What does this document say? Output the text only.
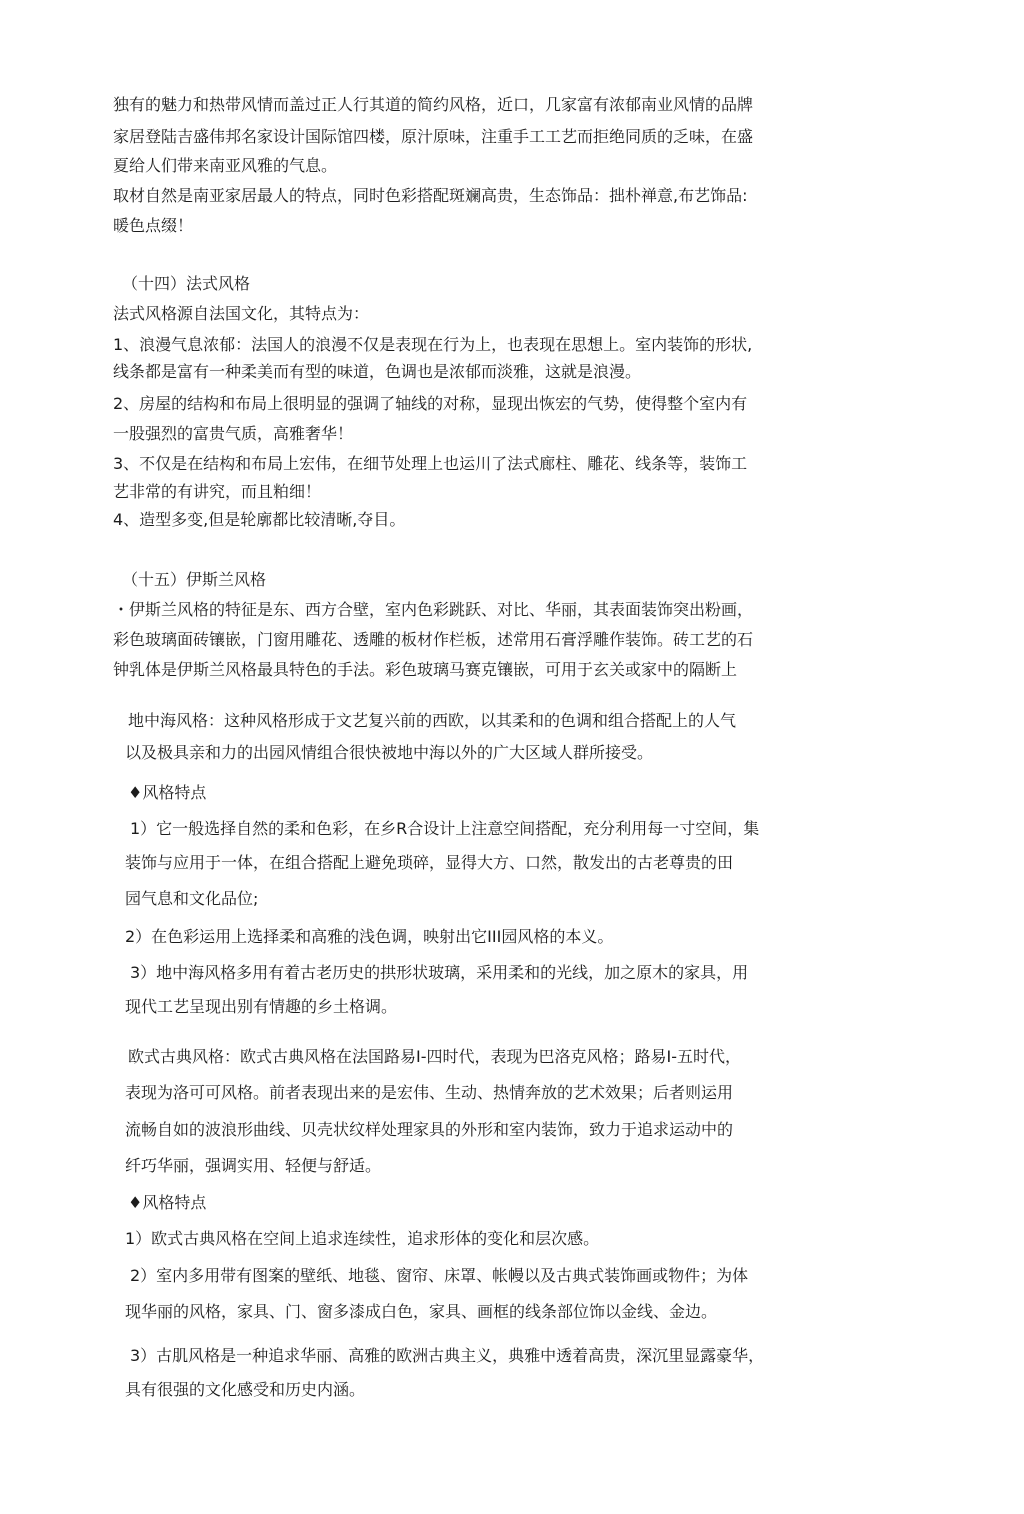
独有的魅力和热带风情而盖过正人行其道的简约风格，近口，几家富有浓郁南业风情的品牌
家居登陆吉盛伟邦名家设计国际馆四楼，原汁原味，注重手工工艺而拒绝同质的乏味，在盛
夏给人们带来南亚风雅的气息。
取材自然是南亚家居最人的特点，同时色彩搭配斑斓高贵，生态饰品：拙朴禅意,布艺饰品:
暖色点缀！
（十四）法式风格
法式风格源自法国文化，其特点为：
1、浪漫气息浓郁：法国人的浪漫不仅是表现在行为上，也表现在思想上。室内装饰的形状,
线条都是富有一种柔美而有型的味道，色调也是浓郁而淡雅，这就是浪漫。
2、房屋的结构和布局上很明显的强调了轴线的对称，显现出恢宏的气势，使得整个室内有
一股强烈的富贵气质，高雅奢华！
3、不仅是在结构和布局上宏伟，在细节处理上也运川了法式廊柱、雕花、线条等，装饰工
艺非常的有讲究，而且粕细！
4、造型多变,但是轮廓都比较清晰,夺目。
（十五）伊斯兰风格
・伊斯兰风格的特征是东、西方合壁，室内色彩跳跃、对比、华丽，其表面装饰突出粉画，
彩色玻璃面砖镶嵌，门窗用雕花、透雕的板材作栏板，述常用石膏浮雕作装饰。砖工艺的石
钟乳体是伊斯兰风格最具特色的手法。彩色玻璃马赛克镶嵌，可用于玄关或家中的隔断上
地中海风格：这种风格形成于文艺复兴前的西欧，以其柔和的色调和组合搭配上的人气
以及极具亲和力的出园风情组合很快被地中海以外的广大区域人群所接受。
♦风格特点
1）它一般选择自然的柔和色彩，在乡R合设计上注意空间搭配，充分利用每一寸空间，集
装饰与应用于一体，在组合搭配上避免琐碎，显得大方、口然，散发出的古老尊贵的田
园气息和文化品位;
2）在色彩运用上选择柔和高雅的浅色调，映射出它III园风格的本义。
3）地中海风格多用有着古老历史的拱形状玻璃，采用柔和的光线，加之原木的家具，用
现代工艺呈现出别有情趣的乡土格调。
欧式古典风格：欧式古典风格在法国路易I-四时代，表现为巴洛克风格；路易I-五时代，
表现为洛可可风格。前者表现出来的是宏伟、生动、热情奔放的艺术效果；后者则运用
流畅自如的波浪形曲线、贝壳状纹样处理家具的外形和室内装饰，致力于追求运动中的
纤巧华丽，强调实用、轻便与舒适。
♦风格特点
1）欧式古典风格在空间上追求连续性，追求形体的变化和层次感。
2）室内多用带有图案的壁纸、地毯、窗帘、床罩、帐幔以及古典式装饰画或物件；为体
现华丽的风格，家具、门、窗多漆成白色，家具、画框的线条部位饰以金线、金边。
3）古肌风格是一种追求华丽、高雅的欧洲古典主义，典雅中透着高贵，深沉里显露豪华，
具有很强的文化感受和历史内涵。
